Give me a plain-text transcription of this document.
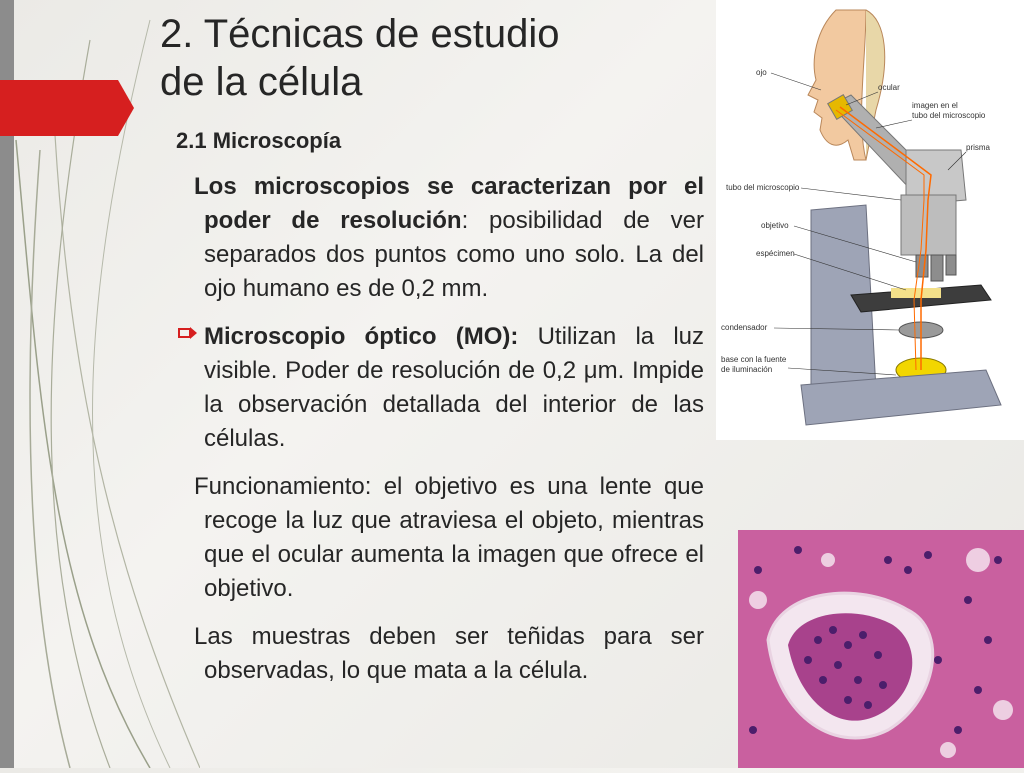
2. Técnicas de estudio
de la célula
2.1 Microscopía

Los microscopios se caracterizan por el poder de resolución: posibilidad de ver separados dos puntos como uno solo. La del ojo humano es de 0,2 mm.

Microscopio óptico (MO): Utilizan la luz visible. Poder de resolución de 0,2 μm. Impide la observación detallada del interior de las células.

Funcionamiento: el objetivo es una lente que recoge la luz que atraviesa el objeto, mientras que el ocular aumenta la imagen que ofrece el objetivo.

Las muestras deben ser teñidas para ser observadas, lo que mata a la célula.

ojo
ocular
imagen en el
tubo del microscopio
prisma
tubo del microscopio
objetivo
espécimen
condensador
base con la fuente
de iluminación
